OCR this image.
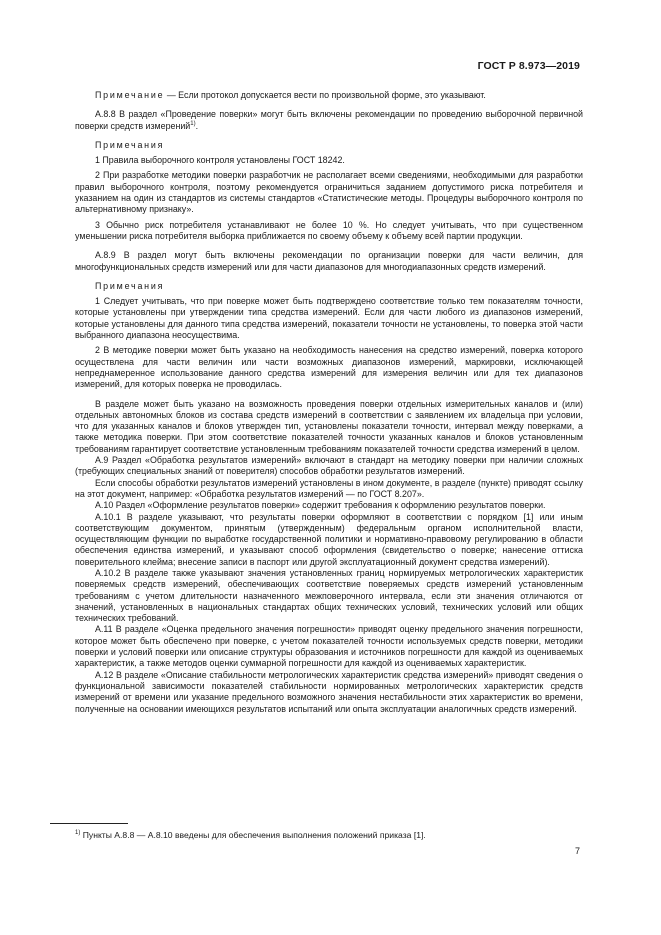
ГОСТ Р 8.973—2019

Примечание — Если протокол допускается вести по произвольной форме, это указывают.

А.8.8 В раздел «Проведение поверки» могут быть включены рекомендации по проведению выборочной первичной поверки средств измерений$^{1)}$.

Примечания

1 Правила выборочного контроля установлены ГОСТ 18242.

2 При разработке методики поверки разработчик не располагает всеми сведениями, необходимыми для разработки правил выборочного контроля, поэтому рекомендуется ограничиться заданием допустимого риска потребителя и указанием на один из стандартов из системы стандартов «Статистические методы. Процедуры выборочного контроля по альтернативному признаку».

3 Обычно риск потребителя устанавливают не более 10 %. Но следует учитывать, что при существенном уменьшении риска потребителя выборка приближается по своему объему к объему всей партии продукции.

А.8.9 В раздел могут быть включены рекомендации по организации поверки для части величин, для многофункциональных средств измерений или для части диапазонов для многодиапазонных средств измерений.

Примечания

1 Следует учитывать, что при поверке может быть подтверждено соответствие только тем показателям точности, которые установлены при утверждении типа средства измерений. Если для части любого из диапазонов измерений, которые установлены для данного типа средства измерений, показатели точности не установлены, то поверка этой части выбранного диапазона неосуществима.

2 В методике поверки может быть указано на необходимость нанесения на средство измерений, поверка которого осуществлена для части величин или части возможных диапазонов измерений, маркировки, исключающей непреднамеренное использование данного средства измерений для измерения величин или для тех диапазонов измерений, для которых поверка не проводилась.

В разделе может быть указано на возможность проведения поверки отдельных измерительных каналов и (или) отдельных автономных блоков из состава средств измерений в соответствии с заявлением их владельца при условии, что для указанных каналов и блоков утвержден тип, установлены показатели точности, интервал между поверками, а также методика поверки. При этом соответствие показателей точности указанных каналов и блоков установленным требованиям гарантирует соответствие установленным требованиям показателей точности средства измерений в целом.

А.9 Раздел «Обработка результатов измерений» включают в стандарт на методику поверки при наличии сложных (требующих специальных знаний от поверителя) способов обработки результатов измерений.

Если способы обработки результатов измерений установлены в ином документе, в разделе (пункте) приводят ссылку на этот документ, например: «Обработка результатов измерений — по ГОСТ 8.207».

А.10 Раздел «Оформление результатов поверки» содержит требования к оформлению результатов поверки.

А.10.1 В разделе указывают, что результаты поверки оформляют в соответствии с порядком [1] или иным соответствующим документом, принятым (утвержденным) федеральным органом исполнительной власти, осуществляющим функции по выработке государственной политики и нормативно-правовому регулированию в области обеспечения единства измерений, и указывают способ оформления (свидетельство о поверке; нанесение оттиска поверительного клейма; внесение записи в паспорт или другой эксплуатационный документ средства измерений).

А.10.2 В разделе также указывают значения установленных границ нормируемых метрологических характеристик поверяемых средств измерений, обеспечивающих соответствие поверяемых средств измерений установленным требованиям с учетом длительности назначенного межповерочного интервала, если эти значения отличаются от значений, установленных в национальных стандартах общих технических условий, технических условий или общих технических требований.

А.11 В разделе «Оценка предельного значения погрешности» приводят оценку предельного значения погрешности, которое может быть обеспечено при поверке, с учетом показателей точности используемых средств поверки, методики поверки и условий поверки или описание структуры образования и источников погрешности для каждой из оцениваемых характеристик, а также методов оценки суммарной погрешности для каждой из оцениваемых характеристик.

А.12 В разделе «Описание стабильности метрологических характеристик средства измерений» приводят сведения о функциональной зависимости показателей стабильности нормированных метрологических характеристик средств измерений от времени или указание предельного возможного значения нестабильности этих характеристик во времени, полученные на основании имеющихся результатов испытаний или опыта эксплуатации аналогичных средств измерений.

$^{1)}$ Пункты А.8.8 — А.8.10 введены для обеспечения выполнения положений приказа [1].
7
